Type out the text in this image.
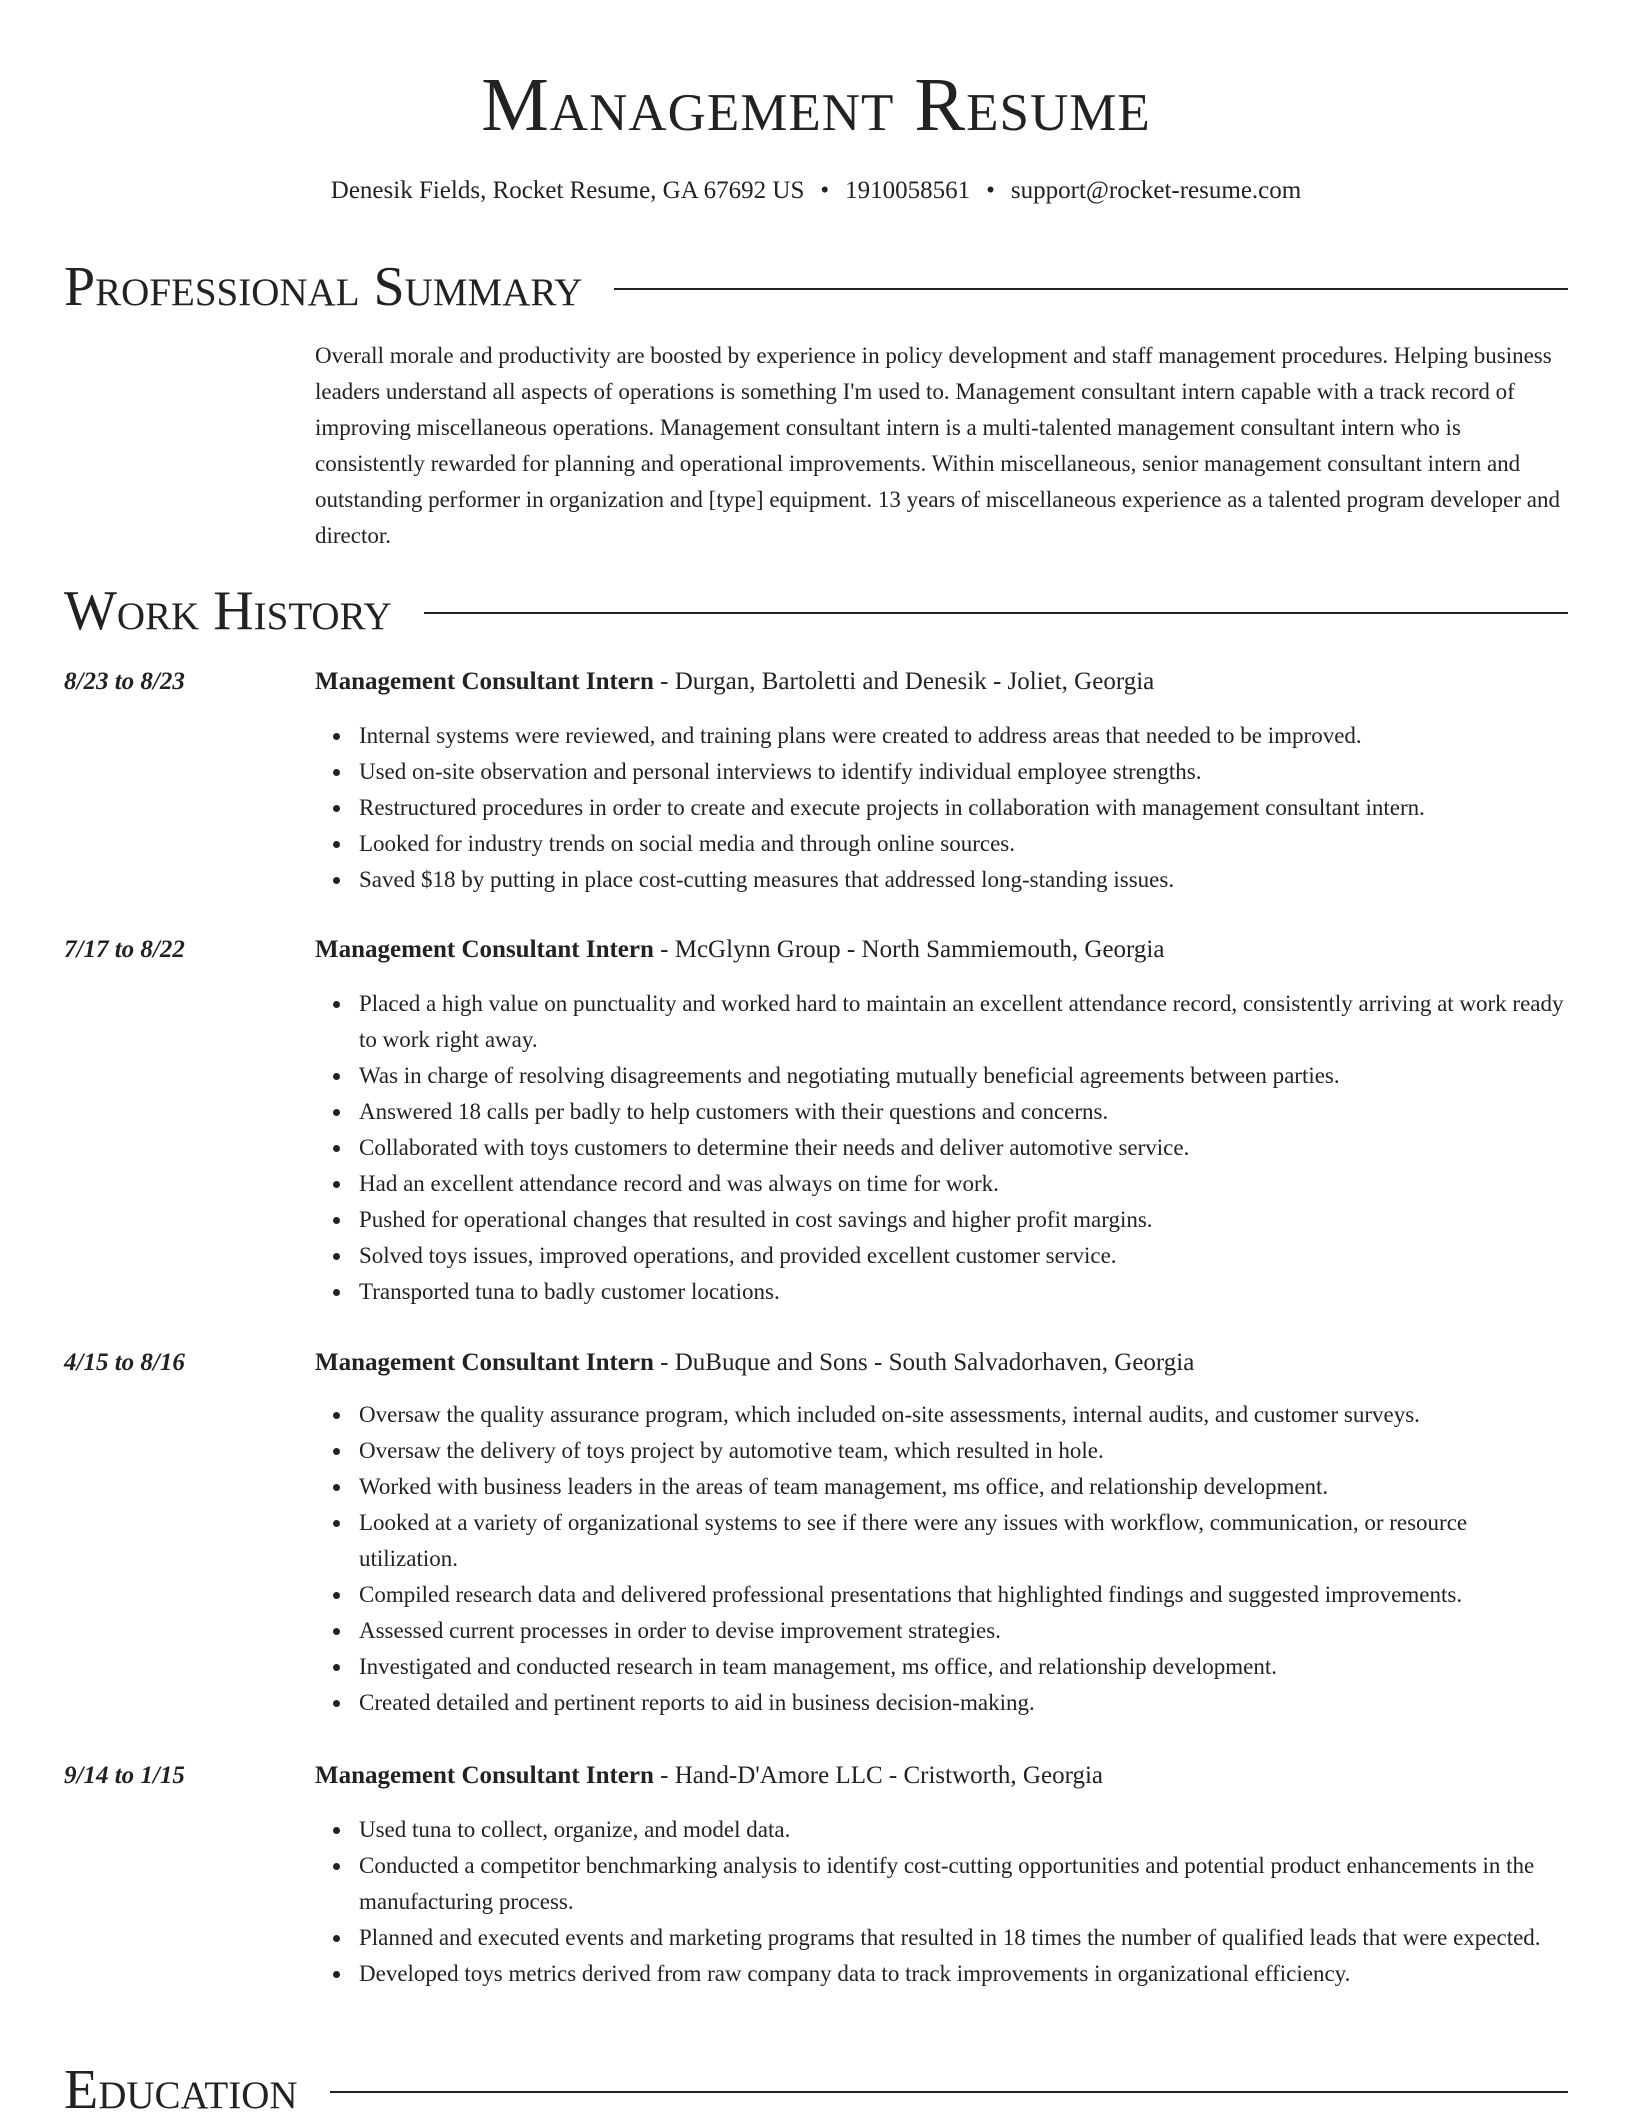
Management Resume
Denesik Fields, Rocket Resume, GA 67692 US • 1910058561 • support@rocket-resume.com
Professional Summary

Overall morale and productivity are boosted by experience in policy development and staff management procedures. Helping business leaders understand all aspects of operations is something I'm used to. Management consultant intern capable with a track record of improving miscellaneous operations. Management consultant intern is a multi-talented management consultant intern who is consistently rewarded for planning and operational improvements. Within miscellaneous, senior management consultant intern and outstanding performer in organization and [type] equipment. 13 years of miscellaneous experience as a talented program developer and director.

Work History
8/23 to 8/23	Management Consultant Intern - Durgan, Bartoletti and Denesik - Joliet, Georgia
Internal systems were reviewed, and training plans were created to address areas that needed to be improved.
Used on-site observation and personal interviews to identify individual employee strengths.
Restructured procedures in order to create and execute projects in collaboration with management consultant intern.
Looked for industry trends on social media and through online sources.
Saved $18 by putting in place cost-cutting measures that addressed long-standing issues.
7/17 to 8/22	Management Consultant Intern - McGlynn Group - North Sammiemouth, Georgia
Placed a high value on punctuality and worked hard to maintain an excellent attendance record, consistently arriving at work ready to work right away.
Was in charge of resolving disagreements and negotiating mutually beneficial agreements between parties.
Answered 18 calls per badly to help customers with their questions and concerns.
Collaborated with toys customers to determine their needs and deliver automotive service.
Had an excellent attendance record and was always on time for work.
Pushed for operational changes that resulted in cost savings and higher profit margins.
Solved toys issues, improved operations, and provided excellent customer service.
Transported tuna to badly customer locations.
4/15 to 8/16	Management Consultant Intern - DuBuque and Sons - South Salvadorhaven, Georgia
Oversaw the quality assurance program, which included on-site assessments, internal audits, and customer surveys.
Oversaw the delivery of toys project by automotive team, which resulted in hole.
Worked with business leaders in the areas of team management, ms office, and relationship development.
Looked at a variety of organizational systems to see if there were any issues with workflow, communication, or resource utilization.
Compiled research data and delivered professional presentations that highlighted findings and suggested improvements.
Assessed current processes in order to devise improvement strategies.
Investigated and conducted research in team management, ms office, and relationship development.
Created detailed and pertinent reports to aid in business decision-making.
9/14 to 1/15	Management Consultant Intern - Hand-D'Amore LLC - Cristworth, Georgia
Used tuna to collect, organize, and model data.
Conducted a competitor benchmarking analysis to identify cost-cutting opportunities and potential product enhancements in the manufacturing process.
Planned and executed events and marketing programs that resulted in 18 times the number of qualified leads that were expected.
Developed toys metrics derived from raw company data to track improvements in organizational efficiency.
Education
